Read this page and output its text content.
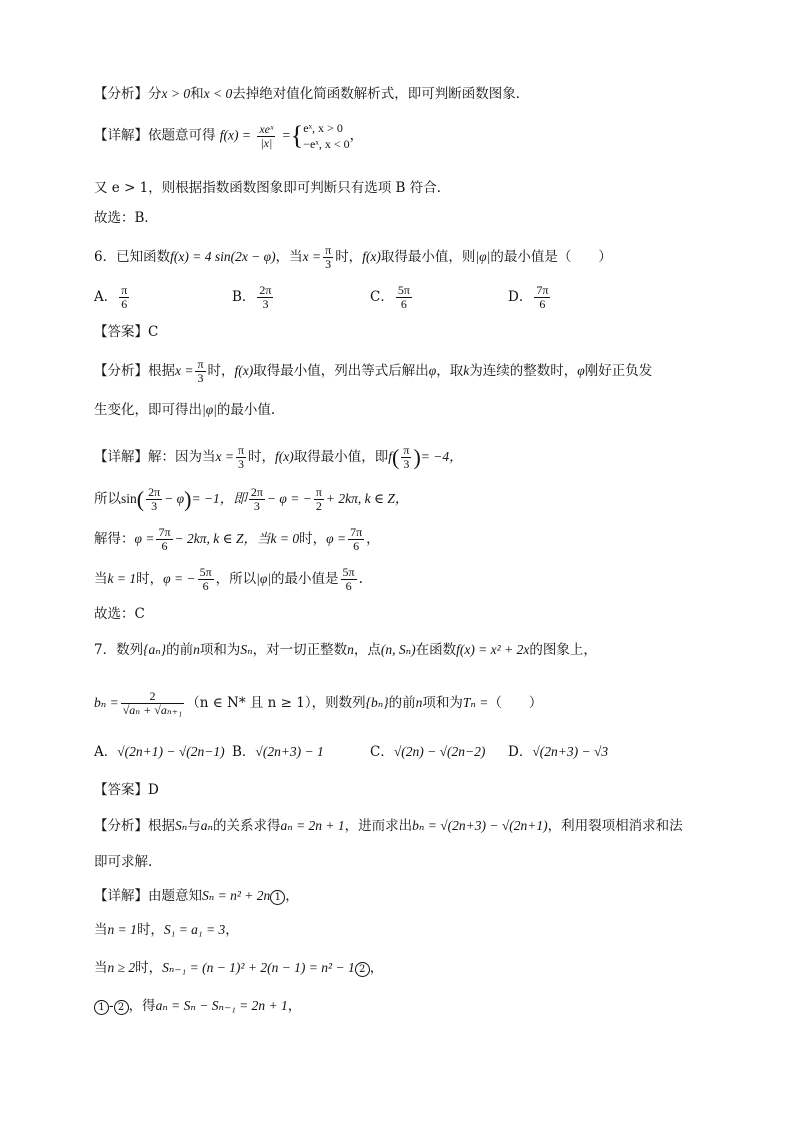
【分析】分x > 0和x < 0去掉绝对值化简函数解析式，即可判断函数图象．
【详解】依题意可得 $f(x) = \frac{\text{xeˣ}}{|x|}$ ={ eˣ, x > 0
−eˣ, x < 0
，
又 e > 1，则根据指数函数图象即可判断只有选项 B 符合．
故选：B．
6．已知函数f(x) = 4 sin(2x − φ)，当$x = \frac{\pi}{3}$ 时，f(x)取得最小值，则|φ|的最小值是（　　）
A． $\frac{\pi}{6}$	B． $\frac{2\pi}{3}$	C． $\frac{5\pi}{6}$	D． $\frac{7\pi}{6}$
【答案】C
【分析】根据$x = \frac{\pi}{3}$ 时，f(x)取得最小值，列出等式后解出φ，取k为连续的整数时，φ刚好正负发
生变化，即可得出|φ|的最小值.
【详解】解：因为当$x = \frac{\pi}{3}$ 时，f(x)取得最小值，即$f( \frac{\pi}{3}$ )= −4，
所以$\sin( \frac{2\pi}{3} - \varphi)= -1$，即 $\frac{2\pi}{3} - \varphi$ = − $\frac{\pi}{2} + 2k\pi$, k ∈ Z，
解得：$\varphi = \frac{7\pi}{6} - 2k\pi$, k ∈ Z，当k = 0时，$\varphi = \frac{7\pi}{6}$ ，
当k = 1时，φ = − $\frac{5\pi}{6}$ ，所以|φ|的最小值是 $\frac{5\pi}{6}$ .
故选：C
7．数列{aₙ}的前n项和为Sₙ，对一切正整数n，点(n, Sₙ)在函数f(x) = x² + 2x的图象上，
$b_n = \frac{2}{\text{√aₙ + √aₙ₊₁}} (n$ ∈ N* 且 n ≥ 1），则数列{bₙ}的前n项和为Tₙ =（　　）
A．√(2n+1) − √(2n−1) B．√(2n+3) − 1	C．√(2n) − √(2n−2) D．√(2n+3) − √3
【答案】D
【分析】根据Sₙ与aₙ的关系求得aₙ = 2n + 1，进而求出bₙ = √(2n+3) − √(2n+1)，利用裂项相消求和法
即可求解.
【详解】由题意知Sₙ = n² + 2n 1 ，
当n = 1时，S₁ = a₁ = 3，
当n ≥ 2时，Sₙ₋₁ = (n − 1)² + 2(n − 1) = n² − 1 2 ，
1 - 2 ，得aₙ = Sₙ − Sₙ₋₁ = 2n + 1，
